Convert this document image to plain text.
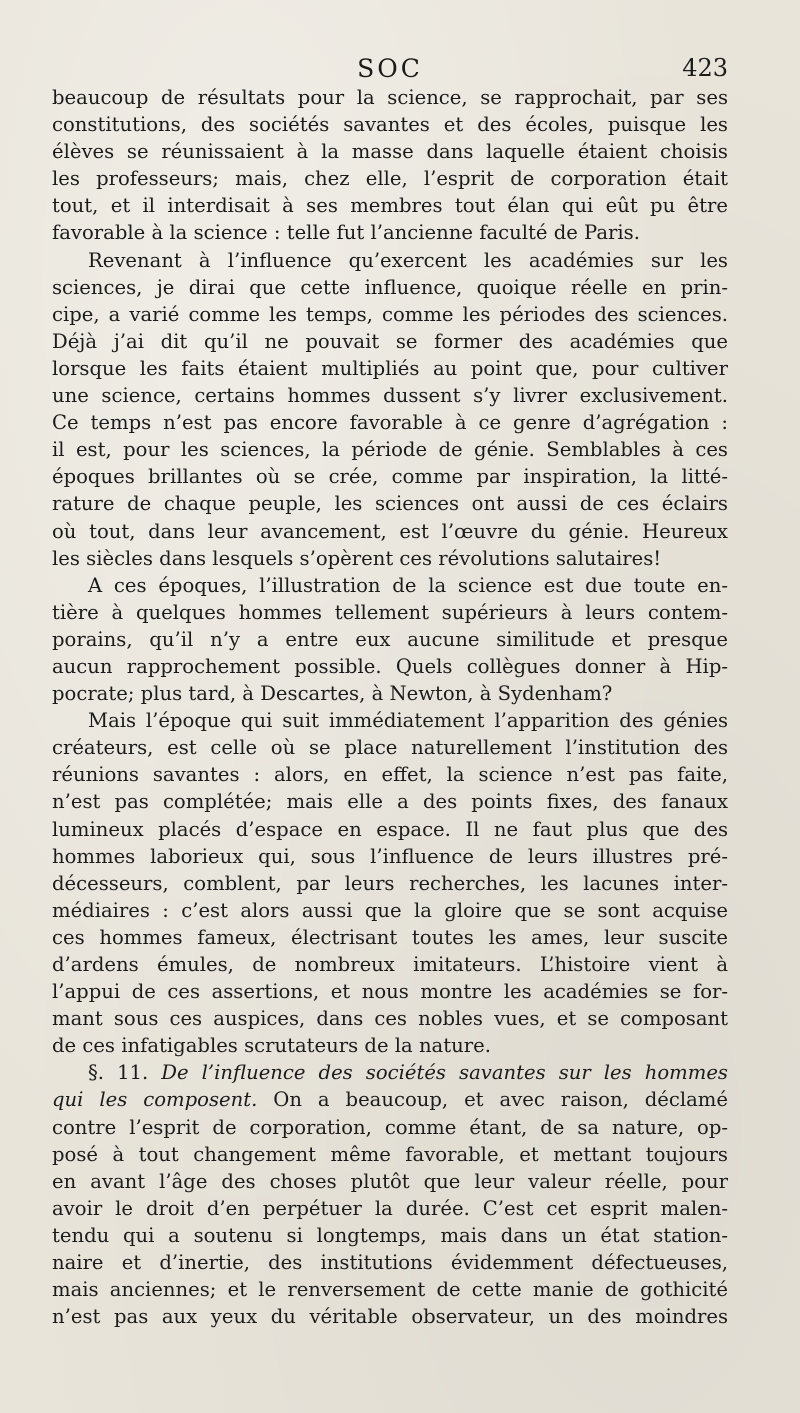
SOC	423
beaucoup de résultats pour la science, se rapprochait, par ses
constitutions, des sociétés savantes et des écoles, puisque les
élèves se réunissaient à la masse dans laquelle étaient choisis
les professeurs; mais, chez elle, l’esprit de corporation était
tout, et il interdisait à ses membres tout élan qui eût pu être
favorable à la science : telle fut l’ancienne faculté de Paris.
Revenant à l’influence qu’exercent les académies sur les
sciences, je dirai que cette influence, quoique réelle en prin-
cipe, a varié comme les temps, comme les périodes des sciences.
Déjà j’ai dit qu’il ne pouvait se former des académies que
lorsque les faits étaient multipliés au point que, pour cultiver
une science, certains hommes dussent s’y livrer exclusivement.
Ce temps n’est pas encore favorable à ce genre d’agrégation :
il est, pour les sciences, la période de génie. Semblables à ces
époques brillantes où se crée, comme par inspiration, la litté-
rature de chaque peuple, les sciences ont aussi de ces éclairs
où tout, dans leur avancement, est l’œuvre du génie. Heureux
les siècles dans lesquels s’opèrent ces révolutions salutaires!
A ces époques, l’illustration de la science est due toute en-
tière à quelques hommes tellement supérieurs à leurs contem-
porains, qu’il n’y a entre eux aucune similitude et presque
aucun rapprochement possible. Quels collègues donner à Hip-
pocrate; plus tard, à Descartes, à Newton, à Sydenham?
Mais l’époque qui suit immédiatement l’apparition des génies
créateurs, est celle où se place naturellement l’institution des
réunions savantes : alors, en effet, la science n’est pas faite,
n’est pas complétée; mais elle a des points fixes, des fanaux
lumineux placés d’espace en espace. Il ne faut plus que des
hommes laborieux qui, sous l’influence de leurs illustres pré-
décesseurs, comblent, par leurs recherches, les lacunes inter-
médiaires : c’est alors aussi que la gloire que se sont acquise
ces hommes fameux, électrisant toutes les ames, leur suscite
d’ardens émules, de nombreux imitateurs. L’histoire vient à
l’appui de ces assertions, et nous montre les académies se for-
mant sous ces auspices, dans ces nobles vues, et se composant
de ces infatigables scrutateurs de la nature.
§. 11. De l’influence des sociétés savantes sur les hommes
qui les composent. On a beaucoup, et avec raison, déclamé
contre l’esprit de corporation, comme étant, de sa nature, op-
posé à tout changement même favorable, et mettant toujours
en avant l’âge des choses plutôt que leur valeur réelle, pour
avoir le droit d’en perpétuer la durée. C’est cet esprit malen-
tendu qui a soutenu si longtemps, mais dans un état station-
naire et d’inertie, des institutions évidemment défectueuses,
mais anciennes; et le renversement de cette manie de gothicité
n’est pas aux yeux du véritable observateur, un des moindres
